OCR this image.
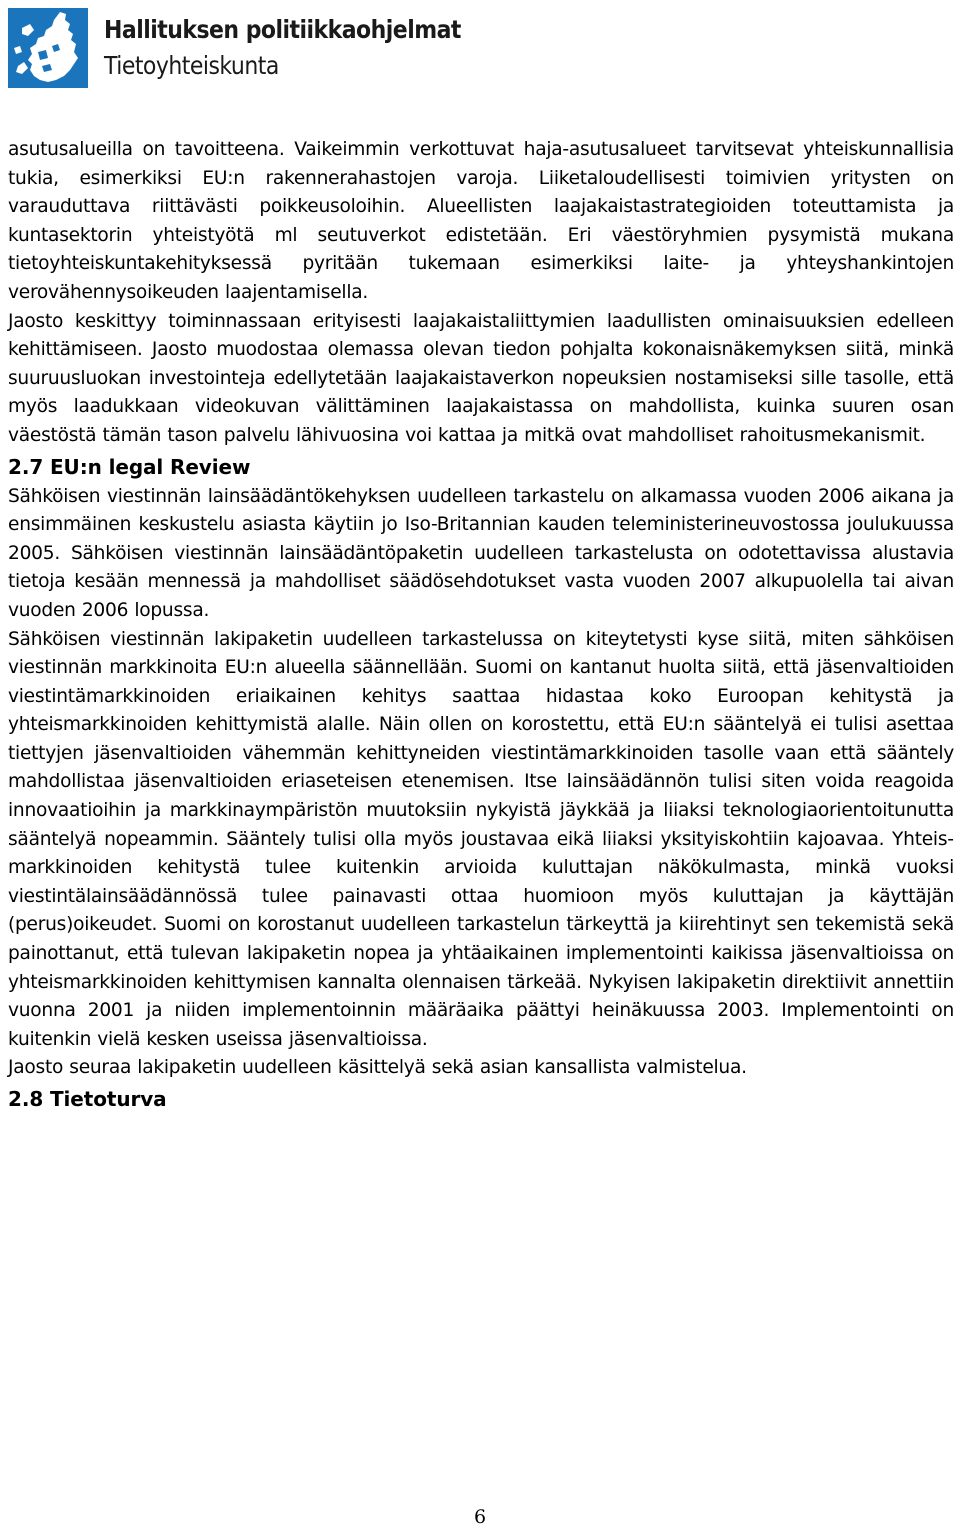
Hallituksen politiikkaohjelmat
Tietoyhteiskunta

asutusalueilla on tavoitteena. Vaikeimmin verkottuvat haja-asutusalueet tarvitsevat yhteiskunnallisia tukia, esimerkiksi EU:n rakennerahastojen varoja. Liiketaloudellisesti toimivien yritysten on varauduttava riittävästi poikkeusoloihin. Alueellisten laajakaistastrategioiden toteuttamista ja kuntasektorin yhteistyötä ml seutuverkot edistetään. Eri väestöryhmien pysymistä mukana tietoyhteiskuntakehityksessä pyritään tukemaan esimerkiksi laite- ja yhteyshankintojen verovähennysoikeuden laajentamisella.

Jaosto keskittyy toiminnassaan erityisesti laajakaistaliittymien laadullisten ominaisuuksien edelleen kehittämiseen. Jaosto muodostaa olemassa olevan tiedon pohjalta kokonaisnäkemyksen siitä, minkä suuruusluokan investointeja edellytetään laajakaistaverkon nopeuksien nostamiseksi sille tasolle, että myös laadukkaan videokuvan välittäminen laajakaistassa on mahdollista, kuinka suuren osan väestöstä tämän tason palvelu lähivuosina voi kattaa ja mitkä ovat mahdolliset rahoitusmekanismit.

2.7 EU:n legal Review

Sähköisen viestinnän lainsäädäntökehyksen uudelleen tarkastelu on alkamassa vuoden 2006 aikana ja ensimmäinen keskustelu asiasta käytiin jo Iso-Britannian kauden teleministerineuvostossa joulukuussa 2005. Sähköisen viestinnän lainsäädäntöpaketin uudelleen tarkastelusta on odotettavissa alustavia tietoja kesään mennessä ja mahdolliset säädösehdotukset vasta vuoden 2007 alkupuolella tai aivan vuoden 2006 lopussa.

Sähköisen viestinnän lakipaketin uudelleen tarkastelussa on kiteytetysti kyse siitä, miten sähköisen viestinnän markkinoita EU:n alueella säännellään. Suomi on kantanut huolta siitä, että jäsenvaltioiden viestintämarkkinoiden eriaikainen kehitys saattaa hidastaa koko Euroopan kehitystä ja yhteismarkkinoiden kehittymistä alalle. Näin ollen on korostettu, että EU:n sääntelyä ei tulisi asettaa tiettyjen jäsenvaltioiden vähemmän kehittyneiden viestintämarkkinoiden tasolle vaan että sääntely mahdollistaa jäsenvaltioiden eriaseteisen etenemisen. Itse lainsäädännön tulisi siten voida reagoida innovaatioihin ja markkinaympäristön muutoksiin nykyistä jäykkää ja liiaksi teknologiaorientoitunutta sääntelyä nopeammin. Sääntely tulisi olla myös joustavaa eikä liiaksi yksityiskohtiin kajoavaa. Yhteismarkkinoiden kehitystä tulee kuitenkin arvioida kuluttajan näkökulmasta, minkä vuoksi viestintälainsäädännössä tulee painavasti ottaa huomioon myös kuluttajan ja käyttäjän (perus)oikeudet. Suomi on korostanut uudelleen tarkastelun tärkeyttä ja kiirehtinyt sen tekemistä sekä painottanut, että tulevan lakipaketin nopea ja yhtäaikainen implementointi kaikissa jäsenvaltioissa on yhteismarkkinoiden kehittymisen kannalta olennaisen tärkeää. Nykyisen lakipaketin direktiivit annettiin vuonna 2001 ja niiden implementoinnin määräaika päättyi heinäkuussa 2003. Implementointi on kuitenkin vielä kesken useissa jäsenvaltioissa.

Jaosto seuraa lakipaketin uudelleen käsittelyä sekä asian kansallista valmistelua.

2.8 Tietoturva
6
